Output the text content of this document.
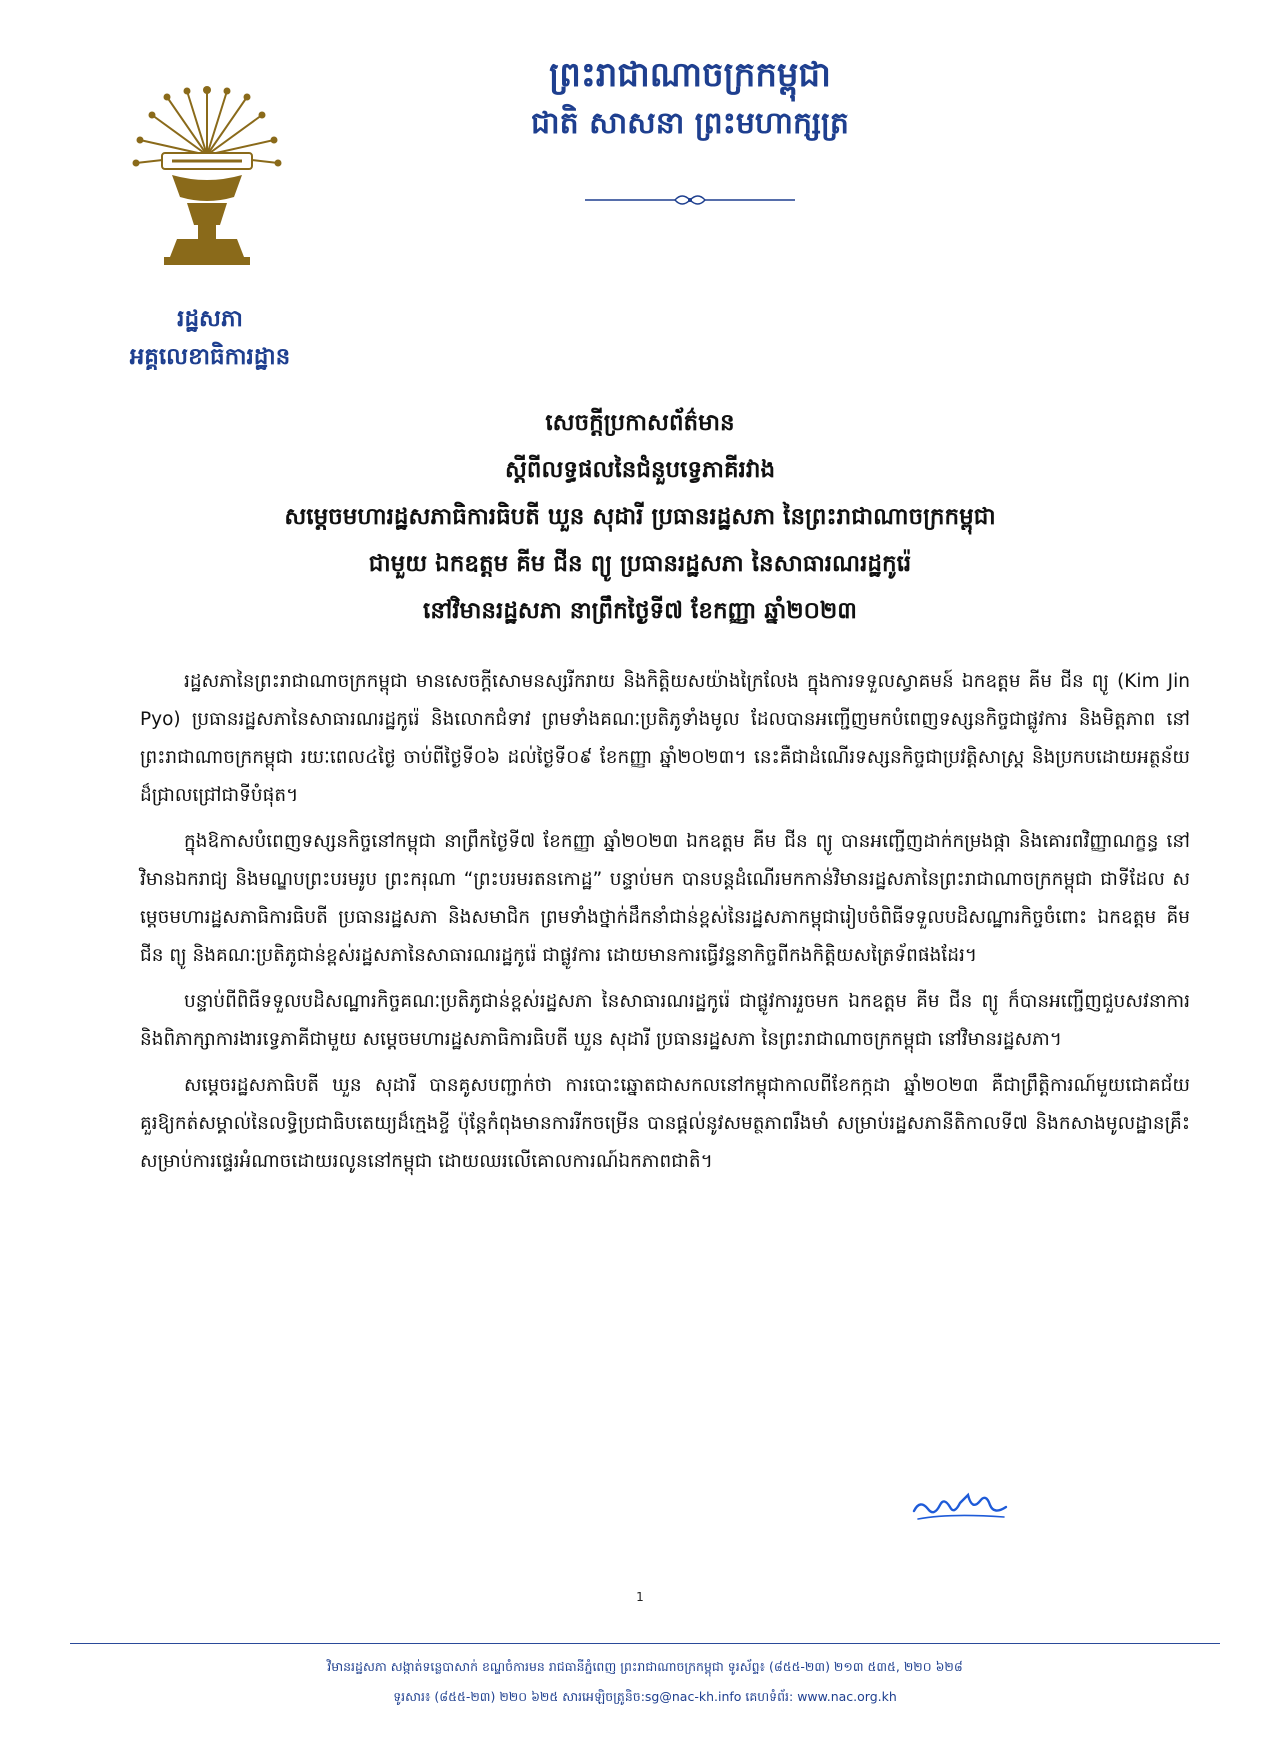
ព្រះរាជាណាចក្រកម្ពុជា
ជាតិ សាសនា ព្រះមហាក្សត្រ
រដ្ឋសភា
អគ្គលេខាធិការដ្ឋាន
សេចក្តីប្រកាសព័ត៌មាន
ស្តីពីលទ្ធផលនៃជំនួបទ្វេភាគីរវាង
សម្តេចមហារដ្ឋសភាធិការធិបតី ឃួន សុដារី ប្រធានរដ្ឋសភា នៃព្រះរាជាណាចក្រកម្ពុជា
ជាមួយ ឯកឧត្តម គីម ជីន ព្យូ ប្រធានរដ្ឋសភា នៃសាធារណរដ្ឋកូរ៉េ
នៅវិមានរដ្ឋសភា នាព្រឹកថ្ងៃទី៧ ខែកញ្ញា ឆ្នាំ២០២៣

រដ្ឋសភានៃព្រះរាជាណាចក្រកម្ពុជា មានសេចក្តីសោមនស្សរីករាយ និងកិត្តិយសយ៉ាងក្រៃលែង ក្នុងការទទួលស្វាគមន៍ ឯកឧត្តម គីម ជីន ព្យូ (Kim Jin Pyo) ប្រធានរដ្ឋសភានៃសាធារណរដ្ឋកូរ៉េ និងលោកជំទាវ ព្រមទាំងគណៈប្រតិភូទាំងមូល ដែលបានអញ្ជើញមកបំពេញទស្សនកិច្ចជាផ្លូវការ និងមិត្តភាព នៅព្រះរាជាណាចក្រកម្ពុជា រយៈពេល៤ថ្ងៃ ចាប់ពីថ្ងៃទី០៦ ដល់ថ្ងៃទី០៩ ខែកញ្ញា ឆ្នាំ២០២៣។ នេះគឺជាដំណើរទស្សនកិច្ចជាប្រវត្តិសាស្ត្រ និងប្រកបដោយអត្ថន័យដ៏ជ្រាលជ្រៅជាទីបំផុត។

ក្នុងឱកាសបំពេញទស្សនកិច្ចនៅកម្ពុជា នាព្រឹកថ្ងៃទី៧ ខែកញ្ញា ឆ្នាំ២០២៣ ឯកឧត្តម គីម ជីន ព្យូ បានអញ្ជើញដាក់កម្រងផ្កា និងគោរពវិញ្ញាណក្ខន្ធ នៅវិមានឯករាជ្យ និងមណ្ឌបព្រះបរមរូប ព្រះករុណា “ព្រះបរមរតនកោដ្ឋ” បន្ទាប់មក បានបន្តដំណើរមកកាន់វិមានរដ្ឋសភានៃព្រះរាជាណាចក្រកម្ពុជា ជាទីដែល សម្តេចមហារដ្ឋសភាធិការធិបតី ប្រធានរដ្ឋសភា និងសមាជិក ព្រមទាំងថ្នាក់ដឹកនាំជាន់ខ្ពស់នៃរដ្ឋសភាកម្ពុជារៀបចំពិធីទទួលបដិសណ្ឋារកិច្ចចំពោះ ឯកឧត្តម គីម ជីន ព្យូ និងគណៈប្រតិភូជាន់ខ្ពស់រដ្ឋសភានៃសាធារណរដ្ឋកូរ៉េ ជាផ្លូវការ ដោយមានការធ្វើវន្ទនាកិច្ចពីកងកិត្តិយសត្រៃទ័ពផងដែរ។

បន្ទាប់ពីពិធីទទួលបដិសណ្ឋារកិច្ចគណៈប្រតិភូជាន់ខ្ពស់រដ្ឋសភា នៃសាធារណរដ្ឋកូរ៉េ ជាផ្លូវការរួចមក ឯកឧត្តម គីម ជីន ព្យូ ក៏បានអញ្ជើញជួបសវនាការ និងពិភាក្សាការងារទ្វេភាគីជាមួយ សម្តេចមហារដ្ឋសភាធិការធិបតី ឃួន សុដារី ប្រធានរដ្ឋសភា នៃព្រះរាជាណាចក្រកម្ពុជា នៅវិមានរដ្ឋសភា។

សម្តេចរដ្ឋសភាធិបតី ឃួន សុដារី បានគូសបញ្ជាក់ថា ការបោះឆ្នោតជាសកលនៅកម្ពុជាកាលពីខែកក្កដា ឆ្នាំ២០២៣ គឺជាព្រឹត្តិការណ៍មួយជោគជ័យគួរឱ្យកត់សម្គាល់នៃលទ្ធិប្រជាធិបតេយ្យដ៏ក្មេងខ្ចី ប៉ុន្តែកំពុងមានការរីកចម្រើន បានផ្តល់នូវសមត្ថភាពរឹងមាំ សម្រាប់រដ្ឋសភានីតិកាលទី៧ និងកសាងមូលដ្ឋានគ្រឹះ សម្រាប់ការផ្ទេរអំណាចដោយរលូននៅកម្ពុជា ដោយឈរលើគោលការណ៍ឯកភាពជាតិ។

1
វិមានរដ្ឋសភា សង្កាត់ទន្លេបាសាក់ ខណ្ឌចំការមន រាជធានីភ្នំពេញ ព្រះរាជាណាចក្រកម្ពុជា ទូរស័ព្ទ៖ (៨៥៥-២៣) ២១៣ ៥៣៥, ២២០ ៦២៨
ទូរសារ៖ (៨៥៥-២៣) ២២០ ៦២៥ សារអេឡិចត្រូនិច:sg@nac-kh.info គេហទំព័រ: www.nac.org.kh
